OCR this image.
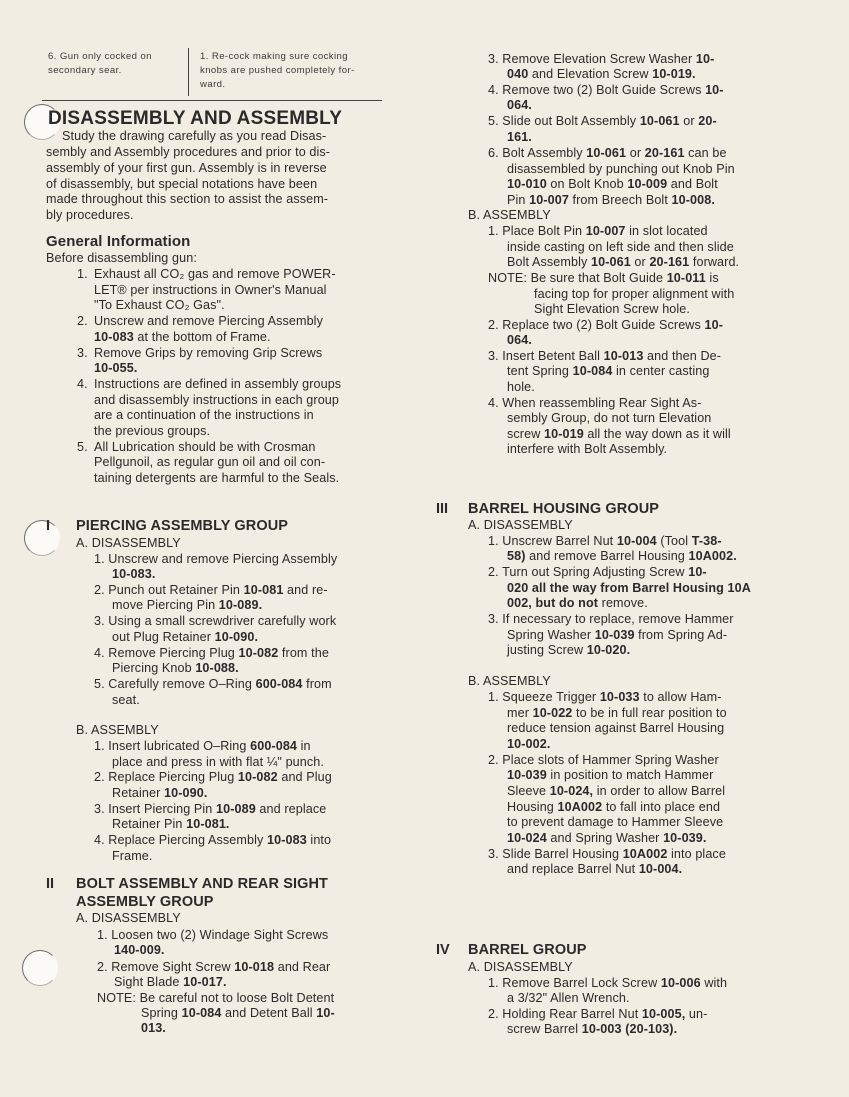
6. Gun only cocked on
secondary sear.
1. Re-cock making sure cocking
knobs are pushed completely for-
ward.
DISASSEMBLY AND ASSEMBLY
Study the drawing carefully as you read Disas-
sembly and Assembly procedures and prior to dis-
assembly of your first gun. Assembly is in reverse
of disassembly, but special notations have been
made throughout this section to assist the assem-
bly procedures.
General Information
Before disassembling gun:
1. Exhaust all CO₂ gas and remove POWER-
LET® per instructions in Owner's Manual
"To Exhaust CO₂ Gas".
2. Unscrew and remove Piercing Assembly
10-083 at the bottom of Frame.
3. Remove Grips by removing Grip Screws
10-055.
4. Instructions are defined in assembly groups
and disassembly instructions in each group
are a continuation of the instructions in
the previous groups.
5. All Lubrication should be with Crosman
Pellgunoil, as regular gun oil and oil con-
taining detergents are harmful to the Seals.
I PIERCING ASSEMBLY GROUP
A. DISASSEMBLY
1. Unscrew and remove Piercing Assembly
10-083.
2. Punch out Retainer Pin 10-081 and re-
move Piercing Pin 10-089.
3. Using a small screwdriver carefully work
out Plug Retainer 10-090.
4. Remove Piercing Plug 10-082 from the
Piercing Knob 10-088.
5. Carefully remove O–Ring 600-084 from
seat.
B. ASSEMBLY
1. Insert lubricated O–Ring 600-084 in
place and press in with flat ¼" punch.
2. Replace Piercing Plug 10-082 and Plug
Retainer 10-090.
3. Insert Piercing Pin 10-089 and replace
Retainer Pin 10-081.
4. Replace Piercing Assembly 10-083 into
Frame.
II BOLT ASSEMBLY AND REAR SIGHT
ASSEMBLY GROUP
A. DISASSEMBLY
1. Loosen two (2) Windage Sight Screws
140-009.
2. Remove Sight Screw 10-018 and Rear
Sight Blade 10-017.
NOTE: Be careful not to loose Bolt Detent
Spring 10-084 and Detent Ball 10-
013.
3. Remove Elevation Screw Washer 10-
040 and Elevation Screw 10-019.
4. Remove two (2) Bolt Guide Screws 10-
064.
5. Slide out Bolt Assembly 10-061 or 20-
161.
6. Bolt Assembly 10-061 or 20-161 can be
disassembled by punching out Knob Pin
10-010 on Bolt Knob 10-009 and Bolt
Pin 10-007 from Breech Bolt 10-008.
B. ASSEMBLY
1. Place Bolt Pin 10-007 in slot located
inside casting on left side and then slide
Bolt Assembly 10-061 or 20-161 forward.
NOTE: Be sure that Bolt Guide 10-011 is
facing top for proper alignment with
Sight Elevation Screw hole.
2. Replace two (2) Bolt Guide Screws 10-
064.
3. Insert Betent Ball 10-013 and then De-
tent Spring 10-084 in center casting
hole.
4. When reassembling Rear Sight As-
sembly Group, do not turn Elevation
screw 10-019 all the way down as it will
interfere with Bolt Assembly.
III BARREL HOUSING GROUP
A. DISASSEMBLY
1. Unscrew Barrel Nut 10-004 (Tool T-38-
58) and remove Barrel Housing 10A002.
2. Turn out Spring Adjusting Screw 10-
020 all the way from Barrel Housing 10A
002, but do not remove.
3. If necessary to replace, remove Hammer
Spring Washer 10-039 from Spring Ad-
justing Screw 10-020.
B. ASSEMBLY
1. Squeeze Trigger 10-033 to allow Ham-
mer 10-022 to be in full rear position to
reduce tension against Barrel Housing
10-002.
2. Place slots of Hammer Spring Washer
10-039 in position to match Hammer
Sleeve 10-024, in order to allow Barrel
Housing 10A002 to fall into place end
to prevent damage to Hammer Sleeve
10-024 and Spring Washer 10-039.
3. Slide Barrel Housing 10A002 into place
and replace Barrel Nut 10-004.
IV BARREL GROUP
A. DISASSEMBLY
1. Remove Barrel Lock Screw 10-006 with
a 3/32" Allen Wrench.
2. Holding Rear Barrel Nut 10-005, un-
screw Barrel 10-003 (20-103).
